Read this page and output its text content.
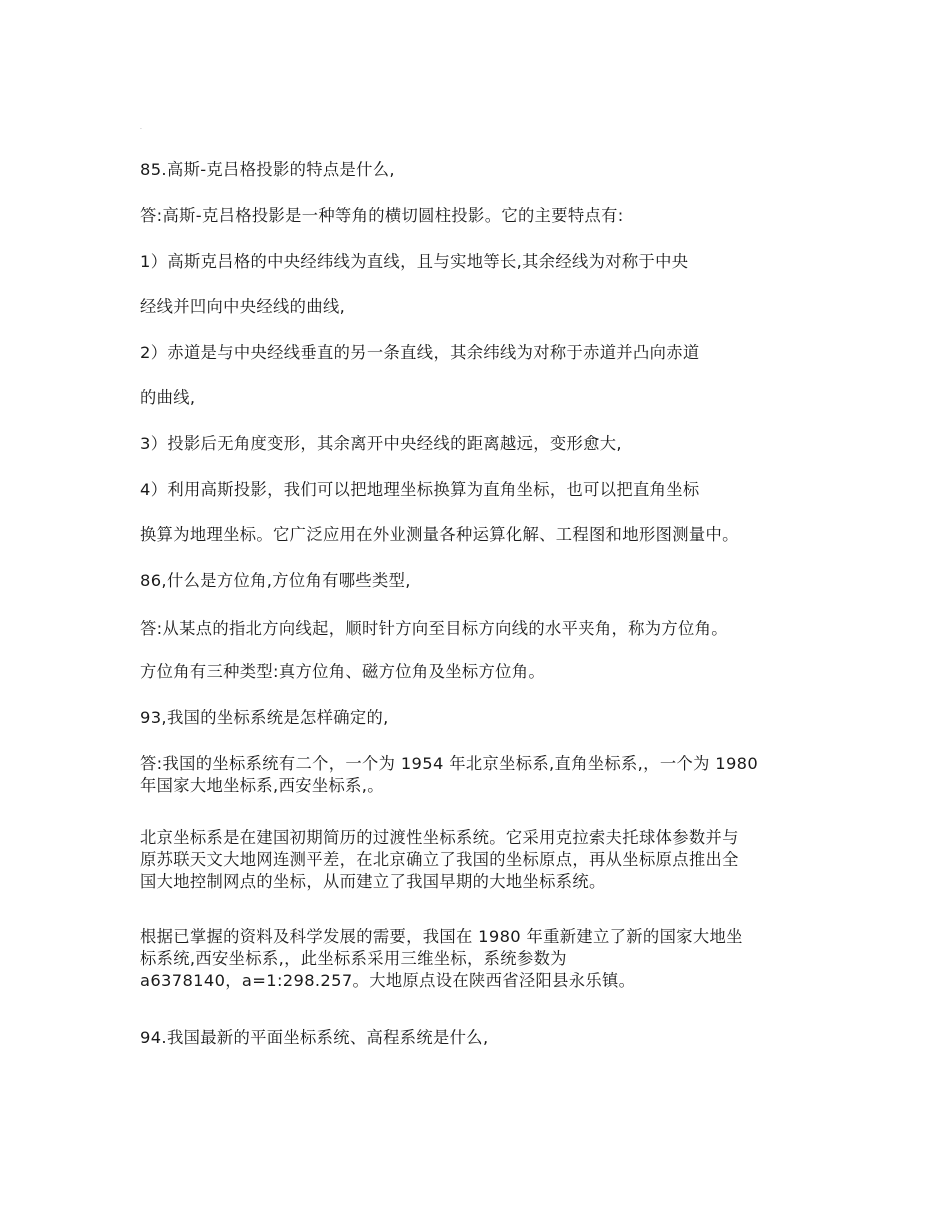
.

85.高斯-克吕格投影的特点是什么,

答:高斯-克吕格投影是一种等角的横切圆柱投影。它的主要特点有:

1）高斯克吕格的中央经纬线为直线，且与实地等长,其余经线为对称于中央

经线并凹向中央经线的曲线,

2）赤道是与中央经线垂直的另一条直线，其余纬线为对称于赤道并凸向赤道

的曲线,

3）投影后无角度变形，其余离开中央经线的距离越远，变形愈大,

4）利用高斯投影，我们可以把地理坐标换算为直角坐标，也可以把直角坐标

换算为地理坐标。它广泛应用在外业测量各种运算化解、工程图和地形图测量中。

86,什么是方位角,方位角有哪些类型,

答:从某点的指北方向线起，顺时针方向至目标方向线的水平夹角，称为方位角。

方位角有三种类型:真方位角、磁方位角及坐标方位角。

93,我国的坐标系统是怎样确定的,

答:我国的坐标系统有二个，一个为 1954 年北京坐标系,直角坐标系,，一个为 1980
年国家大地坐标系,西安坐标系,。
北京坐标系是在建国初期简历的过渡性坐标系统。它采用克拉索夫托球体参数并与
原苏联天文大地网连测平差，在北京确立了我国的坐标原点，再从坐标原点推出全
国大地控制网点的坐标，从而建立了我国早期的大地坐标系统。
根据已掌握的资料及科学发展的需要，我国在 1980 年重新建立了新的国家大地坐
标系统,西安坐标系,，此坐标系采用三维坐标，系统参数为
a6378140，a=1:298.257。大地原点设在陕西省泾阳县永乐镇。

94.我国最新的平面坐标系统、高程系统是什么,
